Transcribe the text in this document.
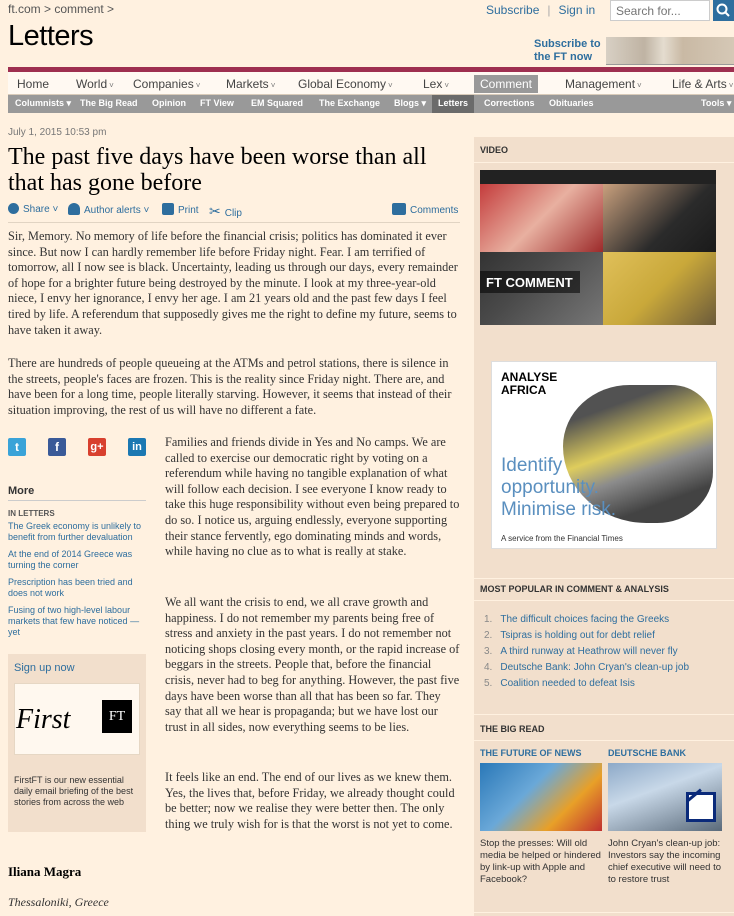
ft.com > comment >
Letters
Subscribe | Sign in
Search for...
Subscribe to the FT now
Home World ˅ Companies ˅ Markets ˅ Global Economy ˅	Lex ˅	Comment	Management ˅	Life & Arts ˅
Columnists ▾ The Big Read Opinion FT View EM Squared The Exchange Blogs ▾	Letters	Corrections Obituaries	Tools ▾
July 1, 2015 10:53 pm
The past five days have been worse than all that has gone before
Share ˅	Author alerts ˅	Print ✂ Clip	Comments

Sir, Memory. No memory of life before the financial crisis; politics has dominated it ever since. But now I can hardly remember life before Friday night. Fear. I am terrified of tomorrow, all I now see is black. Uncertainty, leading us through our days, every remainder of hope for a brighter future being destroyed by the minute. I look at my three-year-old niece, I envy her ignorance, I envy her age. I am 21 years old and the past few days I feel tired by life. A referendum that supposedly gives me the right to define my future, seems to have taken it away.

There are hundreds of people queueing at the ATMs and petrol stations, there is silence in the streets, people's faces are frozen. This is the reality since Friday night. There are, and have been for a long time, people literally starving. However, it seems that instead of their situation improving, the rest of us will have no different a fate.

t	f	g+	in
More
IN LETTERS
The Greek economy is unlikely to benefit from further devaluation
At the end of 2014 Greece was turning the corner
Prescription has been tried and does not work
Fusing of two high-level labour markets that few have noticed — yet
Sign up now
First	FT
FirstFT is our new essential daily email briefing of the best stories from across the web

Families and friends divide in Yes and No camps. We are called to exercise our democratic right by voting on a referendum while having no tangible explanation of what will follow each decision. I see everyone I know ready to take this huge responsibility without even being prepared to do so. I notice us, arguing endlessly, everyone supporting their stance fervently, ego dominating minds and words, while having no clue as to what is really at stake.

We all want the crisis to end, we all crave growth and happiness. I do not remember my parents being free of stress and anxiety in the past years. I do not remember not noticing shops closing every month, or the rapid increase of beggars in the streets. People that, before the financial crisis, never had to beg for anything. However, the past five days have been worse than all that has been so far. They say that all we hear is propaganda; but we have lost our trust in all sides, now everything seems to be lies.

It feels like an end. The end of our lives as we knew them. Yes, the lives that, before Friday, we already thought could be better; now we realise they were better then. The only thing we truly wish for is that the worst is not yet to come.

Iliana Magra
Thessaloniki, Greece
VIDEO
FT COMMENT
ANALYSE AFRICA
Identify opportunity. Minimise risk.
A service from the Financial Times
MOST POPULAR IN COMMENT & ANALYSIS
1. The difficult choices facing the Greeks
2. Tsipras is holding out for debt relief
3. A third runway at Heathrow will never fly
4. Deutsche Bank: John Cryan's clean-up job
5. Coalition needed to defeat Isis
THE BIG READ
THE FUTURE OF NEWS	DEUTSCHE BANK
Stop the presses: Will old media be helped or hindered by link-up with Apple and Facebook?
John Cryan's clean-up job: Investors say the incoming chief executive will need to to restore trust
